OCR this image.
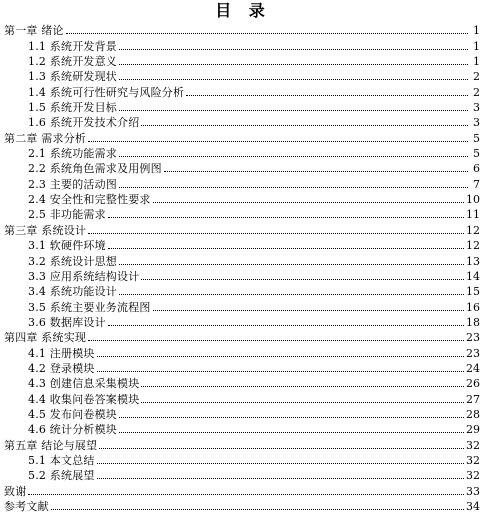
目 录
第一章 绪论	1
1.1 系统开发背景	1
1.2 系统开发意义	1
1.3 系统研发现状	2
1.4 系统可行性研究与风险分析	2
1.5 系统开发目标	3
1.6 系统开发技术介绍	3
第二章 需求分析	5
2.1 系统功能需求	5
2.2 系统角色需求及用例图	6
2.3 主要的活动图	7
2.4 安全性和完整性要求	10
2.5 非功能需求	11
第三章 系统设计	12
3.1 软硬件环境	12
3.2 系统设计思想	13
3.3 应用系统结构设计	14
3.4 系统功能设计	15
3.5 系统主要业务流程图	16
3.6 数据库设计	18
第四章 系统实现	23
4.1 注册模块	23
4.2 登录模块	24
4.3 创建信息采集模块	26
4.4 收集问卷答案模块	27
4.5 发布问卷模块	28
4.6 统计分析模块	29
第五章 结论与展望	32
5.1 本文总结	32
5.2 系统展望	32
致谢	33
参考文献	34
